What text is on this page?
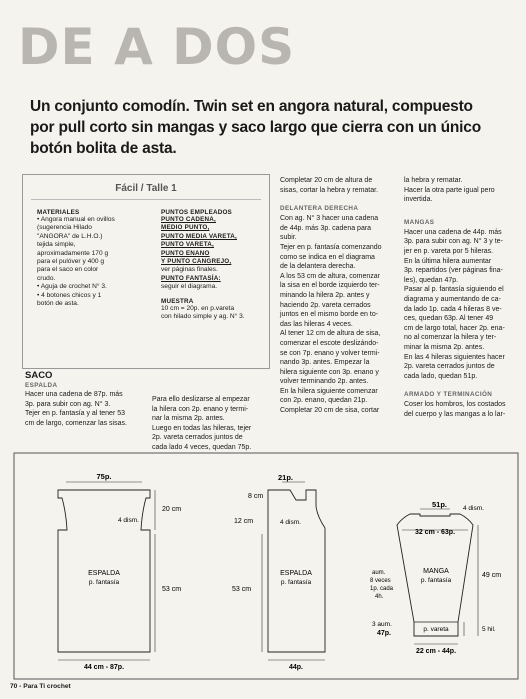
DE A DOS
Un conjunto comodín. Twin set en angora natural, compuesto por pull corto sin mangas y saco largo que cierra con un único botón bolita de asta.
Fácil / Talle 1
MATERIALES
• Angora manual en ovillos
(sugerencia Hilado
"ANGORA" de L.H.O.)
tejida simple,
aproximadamente 170 g
para el pulóver y 400 g
para el saco en color
crudo.
• Aguja de crochet N° 3.
• 4 botones chicos y 1
botón de asta.
PUNTOS EMPLEADOS
PUNTO CADENA,
MEDIO PUNTO,
PUNTO MEDIA VARETA,
PUNTO VARETA,
PUNTO ENANO
Y PUNTO CANGREJO,
ver páginas finales.
PUNTO FANTASÍA:
seguir el diagrama.
MUESTRA
10 cm = 20p. en p.vareta
con hilado simple y ag. N° 3.
SACO
ESPALDA
Hacer una cadena de 87p. más
3p. para subir con ag. N° 3.
Tejer en p. fantasía y al tener 53
cm de largo, comenzar las sisas.
Para ello deslizarse al empezar
la hilera con 2p. enano y termi-
nar la misma 2p. antes.
Luego en todas las hileras, tejer
2p. vareta cerrados juntos de
cada lado 4 veces, quedan 75p.
Completar 20 cm de altura de
sisas, cortar la hebra y rematar.
DELANTERA DERECHA
Con ag. N° 3 hacer una cadena
de 44p. más 3p. cadena para
subir.
Tejer en p. fantasía comenzando
como se indica en el diagrama
de la delantera derecha.
A los 53 cm de altura, comenzar
la sisa en el borde izquierdo ter-
minando la hilera 2p. antes y
haciendo 2p. vareta cerrados
juntos en el mismo borde en to-
das las hileras 4 veces.
Al tener 12 cm de altura de sisa,
comenzar el escote deslizándo-
se con 7p. enano y volver termi-
nando 3p. antes. Empezar la
hilera siguiente con 3p. enano y
volver terminando 2p. antes.
En la hilera siguiente comenzar
con 2p. enano, quedan 21p.
Completar 20 cm de sisa, cortar
la hebra y rematar.
Hacer la otra parte igual pero
invertida.
MANGAS
Hacer una cadena de 44p. más
3p. para subir con ag. N° 3 y te-
jer en p. vareta por 5 hileras.
En la última hilera aumentar
3p. repartidos (ver páginas fina-
les), quedan 47p.
Pasar al p. fantasía siguiendo el
diagrama y aumentando de ca-
da lado 1p. cada 4 hileras 8 ve-
ces, quedan 63p. Al tener 49
cm de largo total, hacer 2p. ena-
no al comenzar la hilera y ter-
minar la misma 2p. antes.
En las 4 hileras siguientes hacer
2p. vareta cerrados juntos de
cada lado, quedan 51p.
ARMADO Y TERMINACIÓN
Coser los hombros, los costados
del cuerpo y las mangas a lo lar-
75p.
20 cm
4 dism.
ESPALDA
p. fantasía
53 cm
44 cm - 87p.
21p.
8 cm
12 cm	4 dism.
ESPALDA
p. fantasía
53 cm
44p.
51p. 4 dism.
32 cm - 63p.
MANGA
p. fantasía
aum.
8 veces
1p. cada
4h.
49 cm
p. vareta
3 aum.
47p.
22 cm - 44p.
5 hil.
70 - Para Ti crochet
